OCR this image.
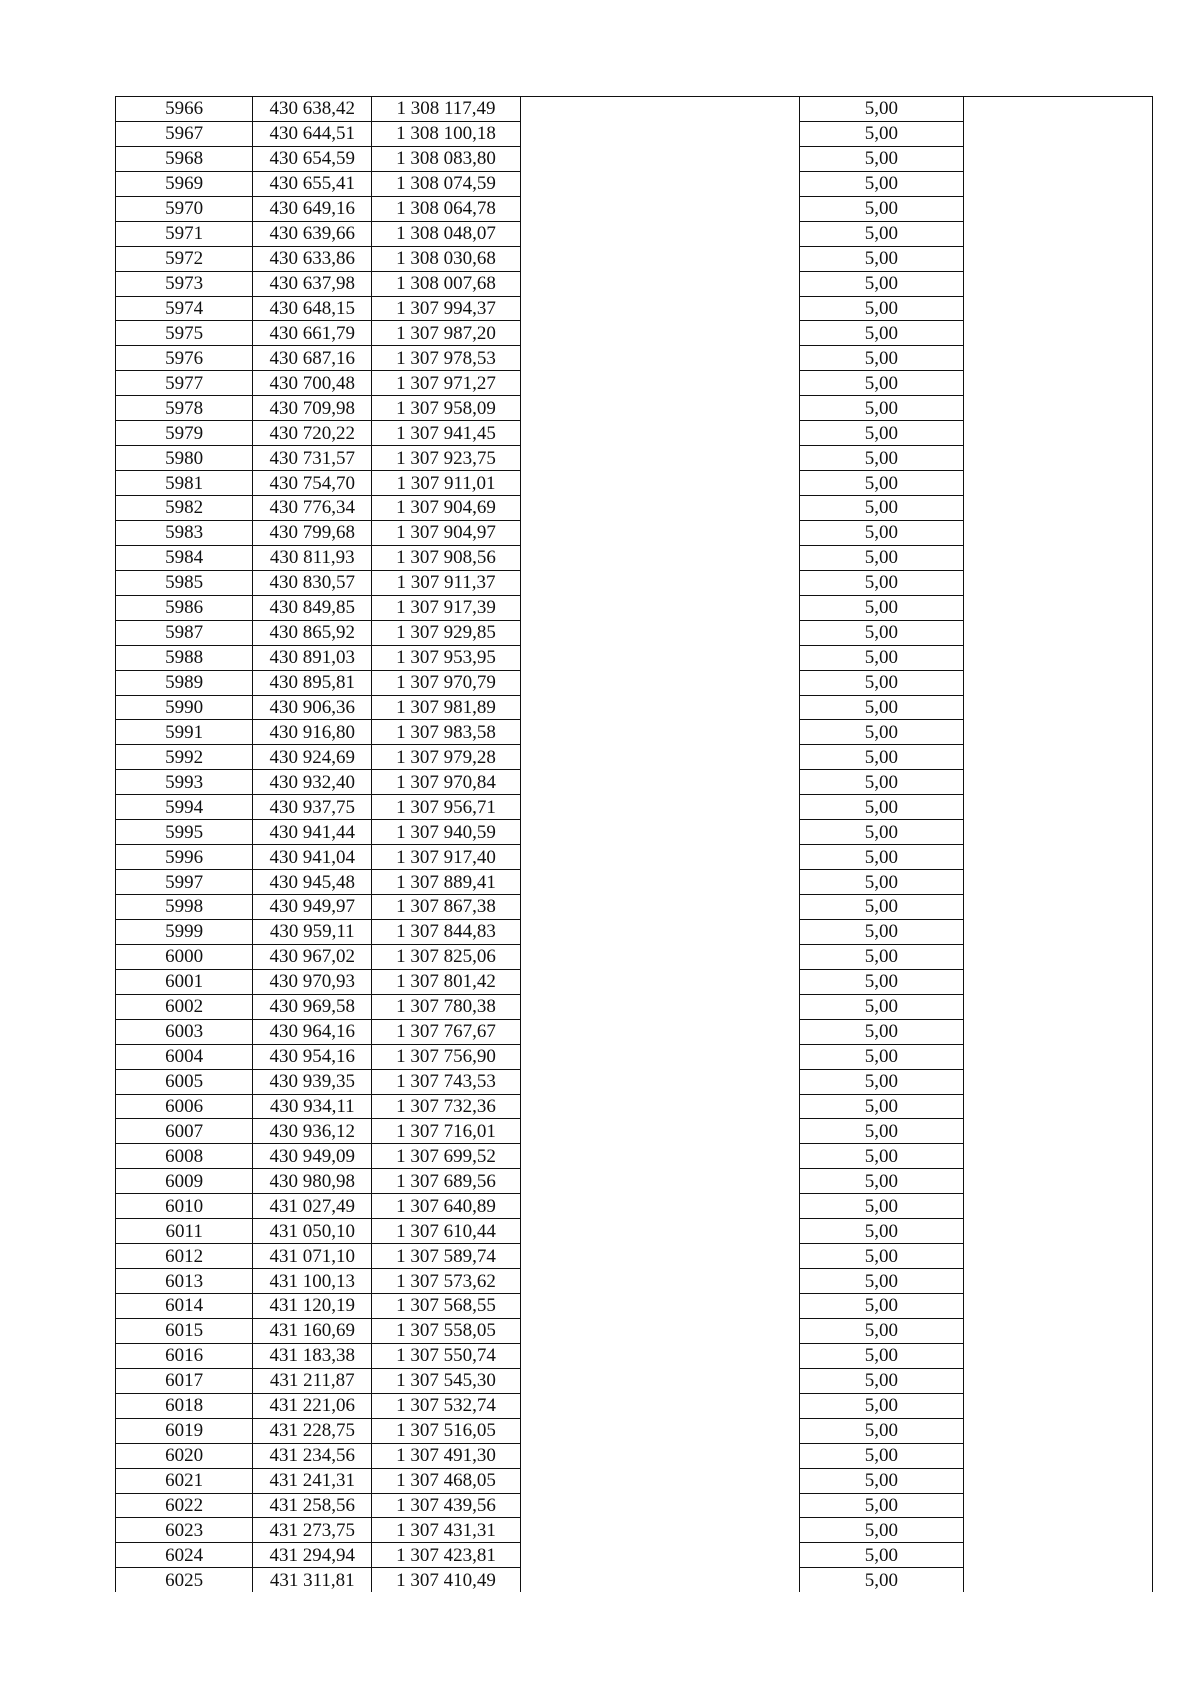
5966	430 638,42	1 308 117,49		5,00	
5967	430 644,51	1 308 100,18		5,00	
5968	430 654,59	1 308 083,80		5,00	
5969	430 655,41	1 308 074,59		5,00	
5970	430 649,16	1 308 064,78		5,00	
5971	430 639,66	1 308 048,07		5,00	
5972	430 633,86	1 308 030,68		5,00	
5973	430 637,98	1 308 007,68		5,00	
5974	430 648,15	1 307 994,37		5,00	
5975	430 661,79	1 307 987,20		5,00	
5976	430 687,16	1 307 978,53		5,00	
5977	430 700,48	1 307 971,27		5,00	
5978	430 709,98	1 307 958,09		5,00	
5979	430 720,22	1 307 941,45		5,00	
5980	430 731,57	1 307 923,75		5,00	
5981	430 754,70	1 307 911,01		5,00	
5982	430 776,34	1 307 904,69		5,00	
5983	430 799,68	1 307 904,97		5,00	
5984	430 811,93	1 307 908,56		5,00	
5985	430 830,57	1 307 911,37		5,00	
5986	430 849,85	1 307 917,39		5,00	
5987	430 865,92	1 307 929,85		5,00	
5988	430 891,03	1 307 953,95		5,00	
5989	430 895,81	1 307 970,79		5,00	
5990	430 906,36	1 307 981,89		5,00	
5991	430 916,80	1 307 983,58		5,00	
5992	430 924,69	1 307 979,28		5,00	
5993	430 932,40	1 307 970,84		5,00	
5994	430 937,75	1 307 956,71		5,00	
5995	430 941,44	1 307 940,59		5,00	
5996	430 941,04	1 307 917,40		5,00	
5997	430 945,48	1 307 889,41		5,00	
5998	430 949,97	1 307 867,38		5,00	
5999	430 959,11	1 307 844,83		5,00	
6000	430 967,02	1 307 825,06		5,00	
6001	430 970,93	1 307 801,42		5,00	
6002	430 969,58	1 307 780,38		5,00	
6003	430 964,16	1 307 767,67		5,00	
6004	430 954,16	1 307 756,90		5,00	
6005	430 939,35	1 307 743,53		5,00	
6006	430 934,11	1 307 732,36		5,00	
6007	430 936,12	1 307 716,01		5,00	
6008	430 949,09	1 307 699,52		5,00	
6009	430 980,98	1 307 689,56		5,00	
6010	431 027,49	1 307 640,89		5,00	
6011	431 050,10	1 307 610,44		5,00	
6012	431 071,10	1 307 589,74		5,00	
6013	431 100,13	1 307 573,62		5,00	
6014	431 120,19	1 307 568,55		5,00	
6015	431 160,69	1 307 558,05		5,00	
6016	431 183,38	1 307 550,74		5,00	
6017	431 211,87	1 307 545,30		5,00	
6018	431 221,06	1 307 532,74		5,00	
6019	431 228,75	1 307 516,05		5,00	
6020	431 234,56	1 307 491,30		5,00	
6021	431 241,31	1 307 468,05		5,00	
6022	431 258,56	1 307 439,56		5,00	
6023	431 273,75	1 307 431,31		5,00	
6024	431 294,94	1 307 423,81		5,00	
6025	431 311,81	1 307 410,49		5,00	
